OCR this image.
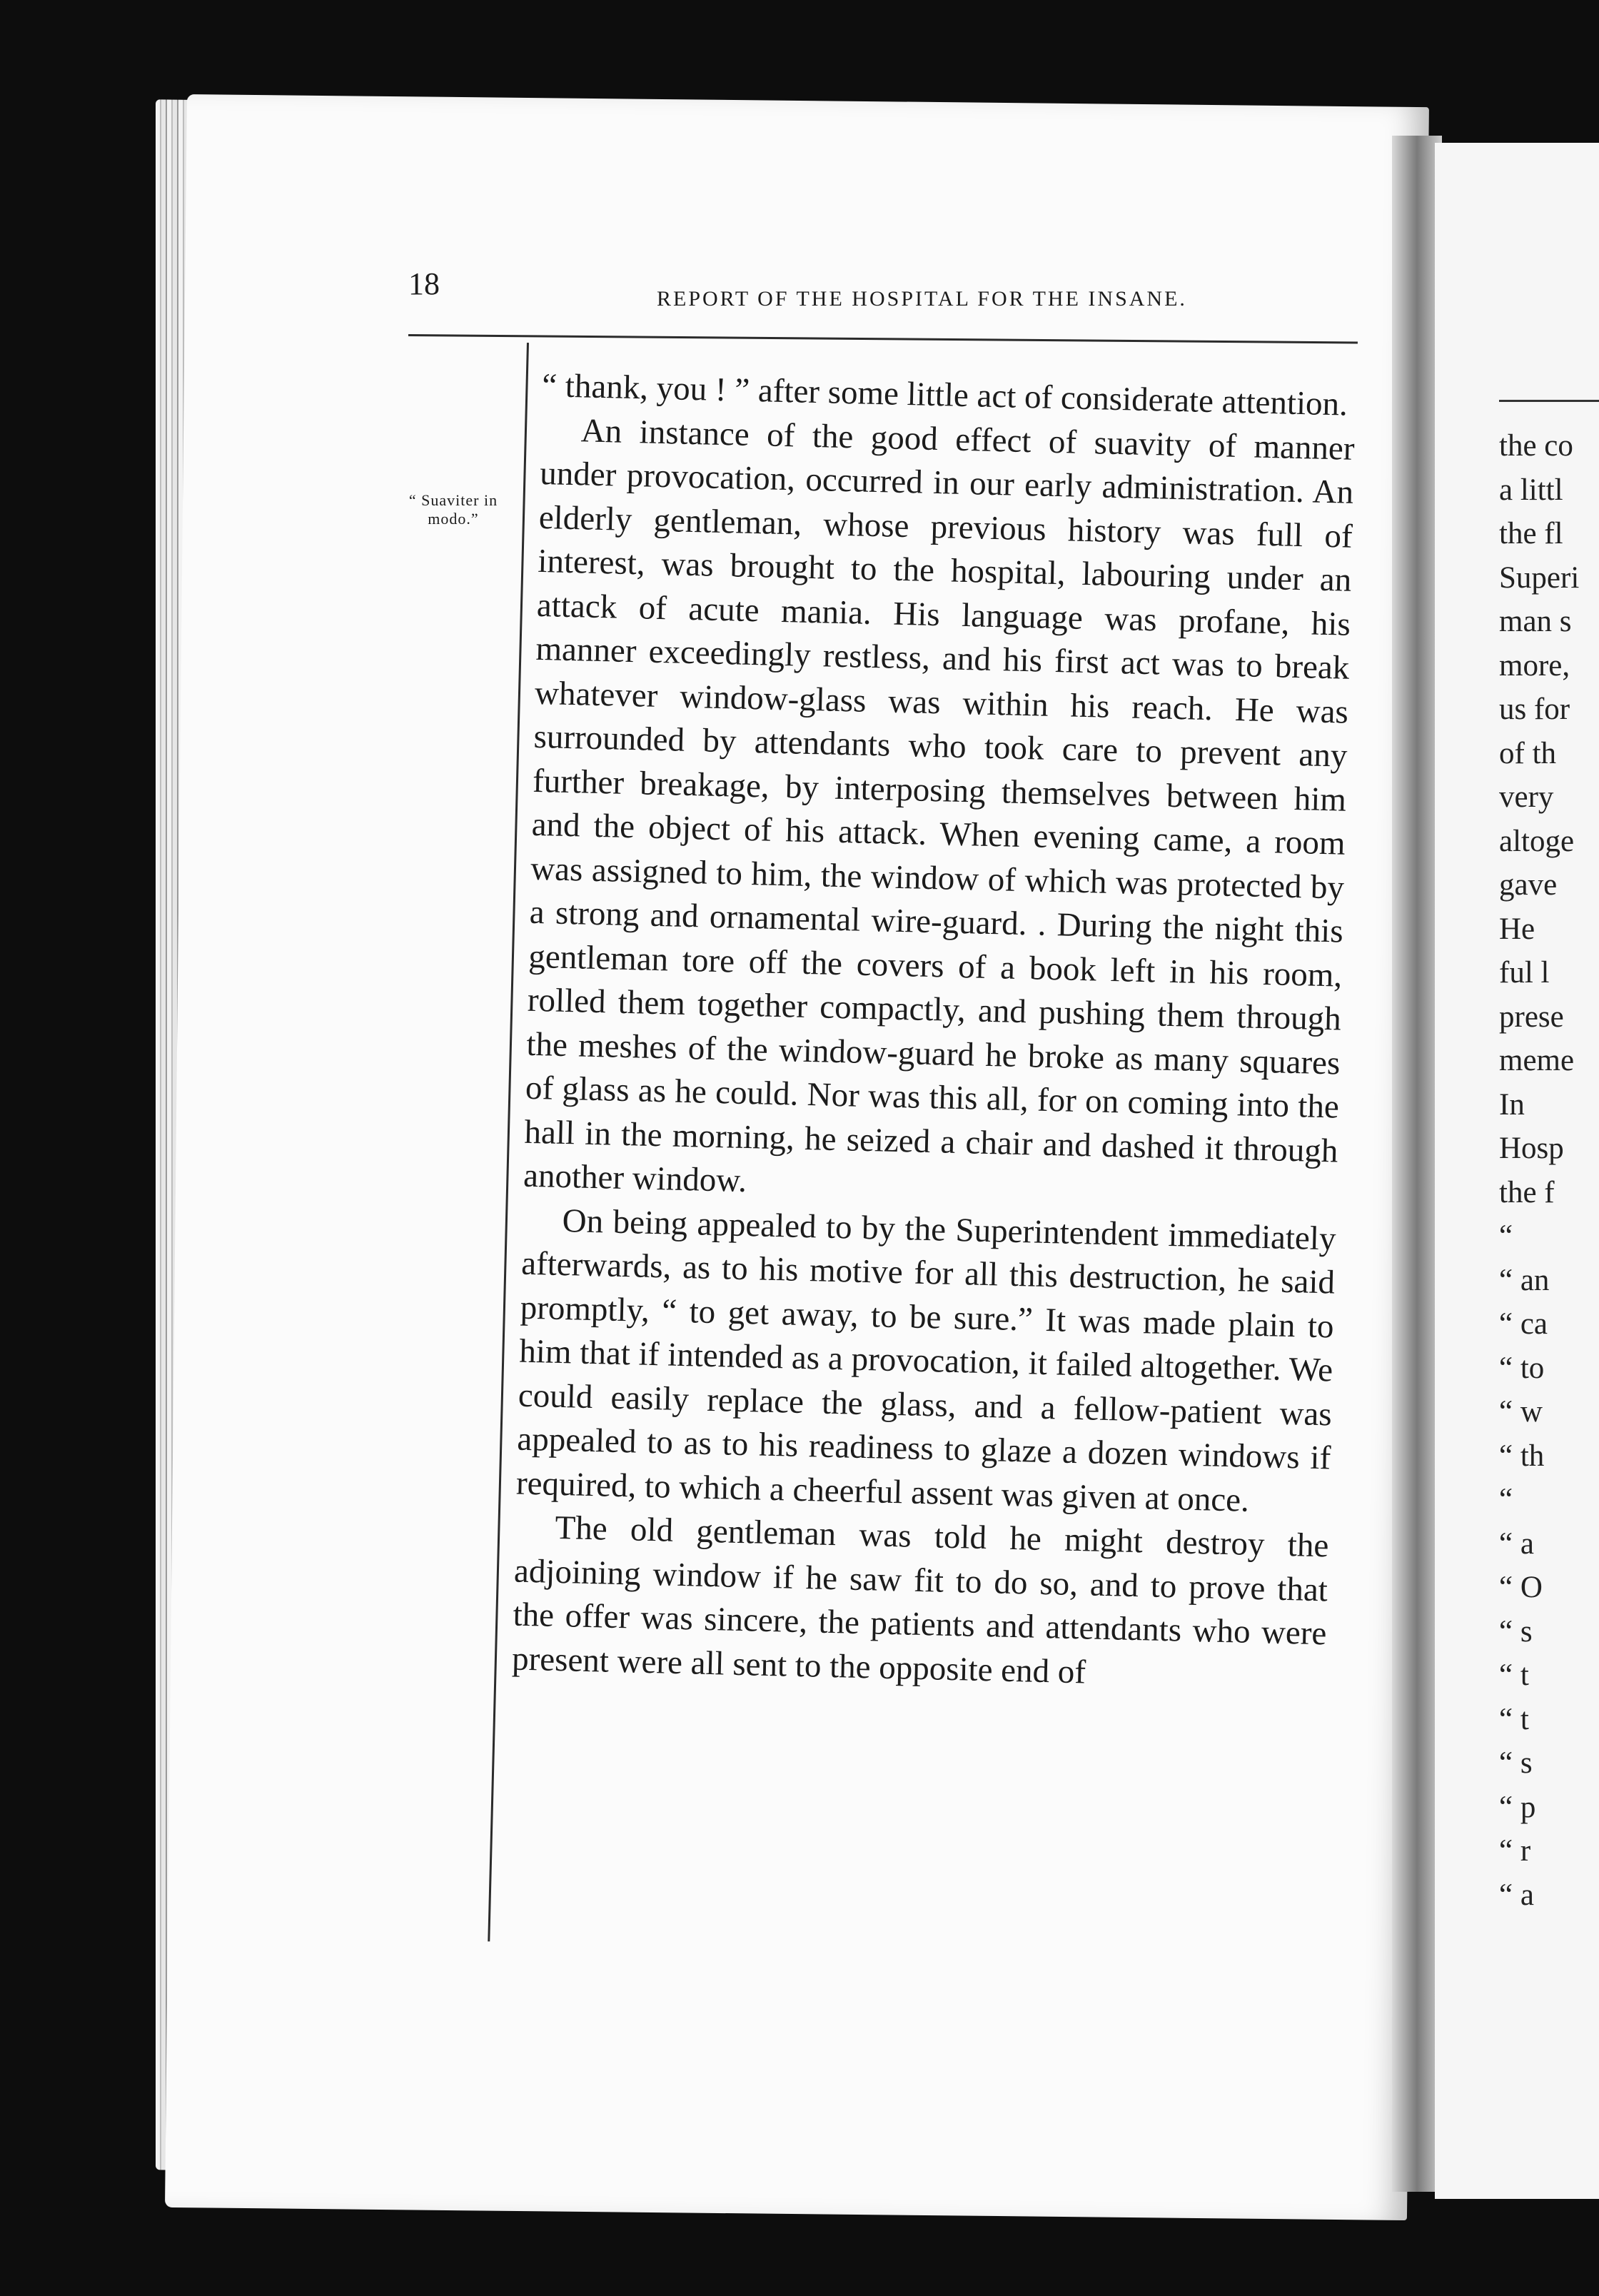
the co
a littl
the fl
Superi
man s
more,
us for
of th
very
altoge
gave
He
ful l
prese
meme
In
Hosp
the f
“
“ an
“ ca
“ to
“ w
“ th
“
“ a
“ O
“ s
“ t
“ t
“ s
“ p
“ r
“ a
18	REPORT OF THE HOSPITAL FOR THE INSANE.
“ Suaviter in modo.”

“ thank, you ! ” after some little act of considerate attention.

An instance of the good effect of suavity of manner under provocation, occurred in our early administration. An elderly gentleman, whose previous history was full of interest, was brought to the hospital, labouring under an attack of acute mania. His language was profane, his manner exceedingly restless, and his first act was to break whatever window-glass was within his reach. He was surrounded by attendants who took care to prevent any further breakage, by interposing themselves between him and the object of his attack. When evening came, a room was assigned to him, the window of which was protected by a strong and ornamental wire-guard. . During the night this gentleman tore off the covers of a book left in his room, rolled them together compactly, and pushing them through the meshes of the window-guard he broke as many squares of glass as he could. Nor was this all, for on coming into the hall in the morning, he seized a chair and dashed it through another window.

On being appealed to by the Superintendent immediately afterwards, as to his motive for all this destruction, he said promptly, “ to get away, to be sure.” It was made plain to him that if intended as a provocation, it failed altogether. We could easily replace the glass, and a fellow-patient was appealed to as to his readiness to glaze a dozen windows if required, to which a cheerful assent was given at once.

The old gentleman was told he might destroy the adjoining window if he saw fit to do so, and to prove that the offer was sincere, the patients and attendants who were present were all sent to the opposite end of
